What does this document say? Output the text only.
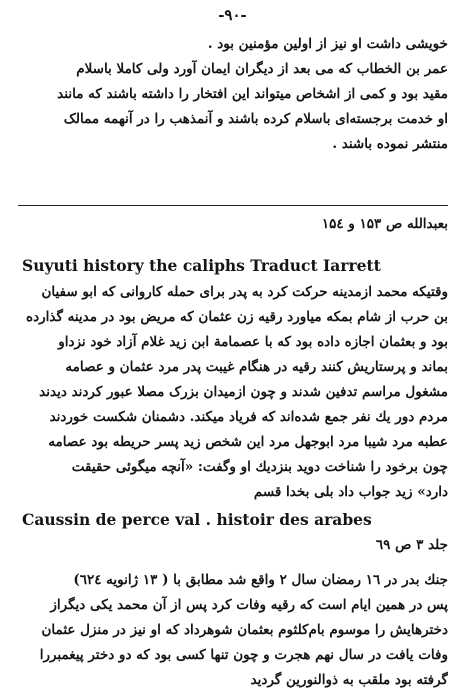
-۹۰-
خویشی داشت او نیز از اولین مؤمنین بود .
عمر بن الخطاب که ‌می بعد از دیگران ایمان آورد ولی کاملا باسلام
مقید بود و کمی از اشخاص میتواند این افتخار را داشته باشند که مانند
او خدمت برجسته‌ای باسلام کرده باشند و آنمذهب را در آنهمه ممالک
منتشر نموده باشند .
بعبدالله ص ۱۵۳ و ۱۵٤
Suyuti history the caliphs Traduct Iarrett
وقتیکه محمد ازمدینه حرکت کرد به پدر برای حمله کاروانی که ابو سفیان
بن حرب از شام بمکه میاورد رقیه زن عثمان که مریض بود در مدینه گذارده
بود و بعثمان اجازه داده بود که با عصمامة ابن زید غلام آزاد خود نزداو
بماند و پرستاریش کنند رقیه در هنگام غیبت پدر مرد عثمان و عصامه
مشغول مراسم تدفین شدند و چون ازمیدان بزرک مصلا عبور کردند دیدند
مردم دور یك نفر جمع شده‌اند که فریاد میکند. دشمنان شکست خوردند
عطبه مرد شیبا مرد ابوجهل مرد این شخص زید پسر حریطه بود عصامه
چون برخود را شناخت دوید بنزدیك او وگفت: «آنچه میگوئی حقیقت
دارد» زید جواب داد بلی بخدا قسم
Caussin de perce val . histoir des arabes
جلد ۳ ص ٦۹
جنك بدر در ١٦ رمضان سال ۲ واقع شد مطابق با ( ۱۳ ژانویه ٦۲٤)
پس در همین ایام است که رقیه وفات کرد پس از آن محمد یکی دیگراز
دخترهایش را موسوم بام‌کلثوم بعثمان شوهرداد که او نیز در منزل عثمان
وفات یافت در سال نهم هجرت و چون تنها کسی بود که دو دختر پیغمبررا
گرفته بود ملقب به ذوالنورین گردید
